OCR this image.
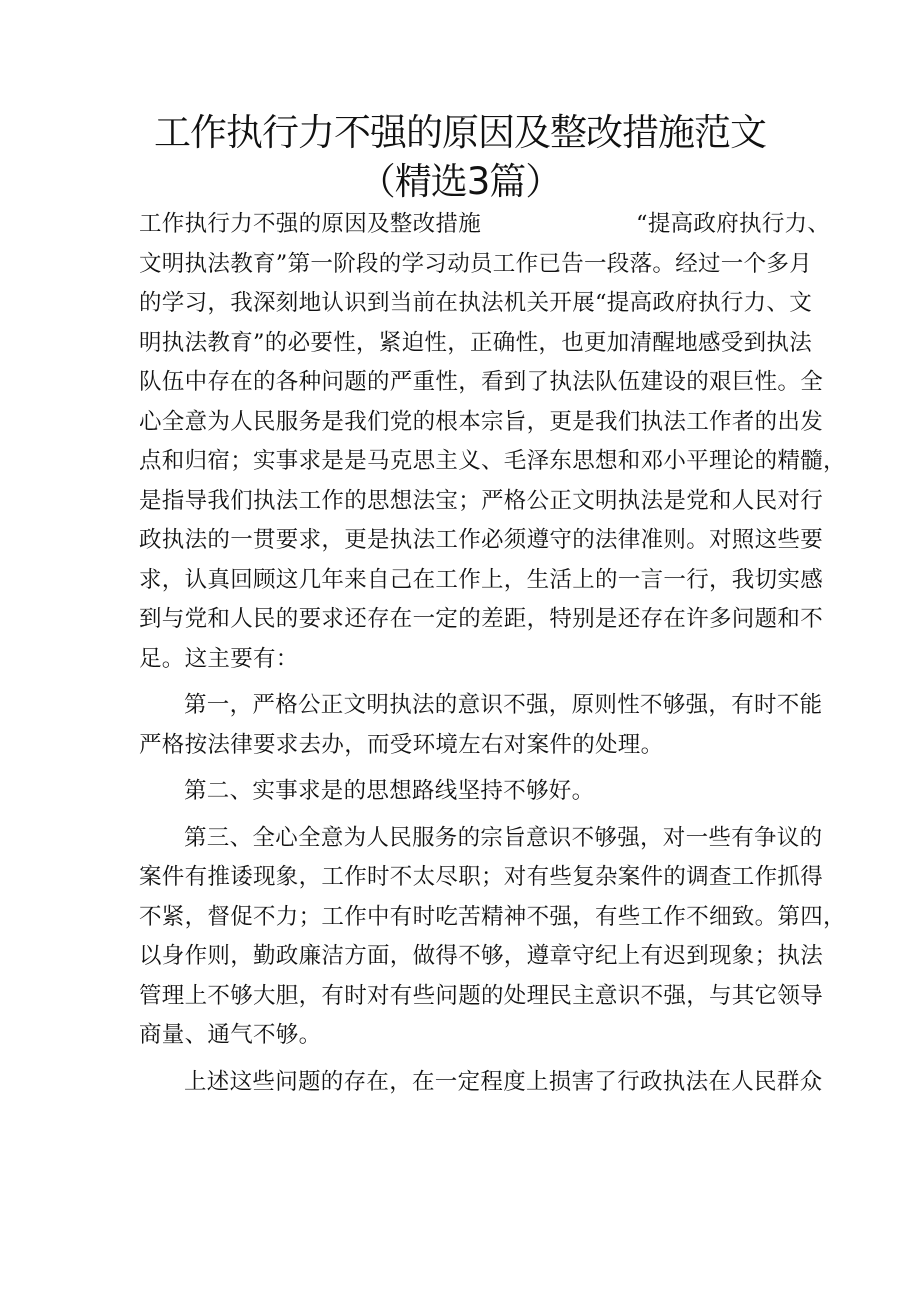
工作执行力不强的原因及整改措施范文（精选3篇）
工作执行力不强的原因及整改措施	“提高政府执行力、
文明执法教育”第一阶段的学习动员工作已告一段落。经过一个多月
的学习，我深刻地认识到当前在执法机关开展“提高政府执行力、文
明执法教育”的必要性，紧迫性，正确性，也更加清醒地感受到执法
队伍中存在的各种问题的严重性，看到了执法队伍建设的艰巨性。全
心全意为人民服务是我们党的根本宗旨，更是我们执法工作者的出发
点和归宿；实事求是是马克思主义、毛泽东思想和邓小平理论的精髓，
是指导我们执法工作的思想法宝；严格公正文明执法是党和人民对行
政执法的一贯要求，更是执法工作必须遵守的法律准则。对照这些要
求，认真回顾这几年来自己在工作上，生活上的一言一行，我切实感
到与党和人民的要求还存在一定的差距，特别是还存在许多问题和不
足。这主要有：
第一，严格公正文明执法的意识不强，原则性不够强，有时不能
严格按法律要求去办，而受环境左右对案件的处理。
第二、实事求是的思想路线坚持不够好。
第三、全心全意为人民服务的宗旨意识不够强，对一些有争议的
案件有推诿现象，工作时不太尽职；对有些复杂案件的调查工作抓得
不紧，督促不力；工作中有时吃苦精神不强，有些工作不细致。第四，
以身作则，勤政廉洁方面，做得不够，遵章守纪上有迟到现象；执法
管理上不够大胆，有时对有些问题的处理民主意识不强，与其它领导
商量、通气不够。
上述这些问题的存在，在一定程度上损害了行政执法在人民群众
